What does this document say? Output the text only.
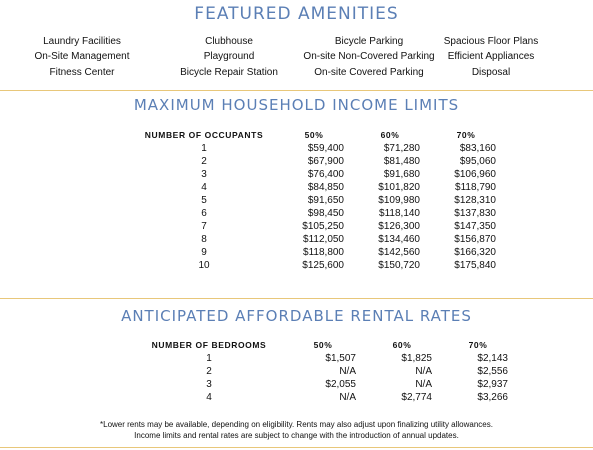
FEATURED AMENITIES
Laundry Facilities
On-Site Management
Fitness Center
Clubhouse
Playground
Bicycle Repair Station
Bicycle Parking
On-site Non-Covered Parking
On-site Covered Parking
Spacious Floor Plans
Efficient Appliances
Disposal
MAXIMUM HOUSEHOLD INCOME LIMITS
NUMBER OF OCCUPANTS	50%	60%	70%
1	$59,400	$71,280	$83,160
2	$67,900	$81,480	$95,060
3	$76,400	$91,680	$106,960
4	$84,850	$101,820	$118,790
5	$91,650	$109,980	$128,310
6	$98,450	$118,140	$137,830
7	$105,250	$126,300	$147,350
8	$112,050	$134,460	$156,870
9	$118,800	$142,560	$166,320
10	$125,600	$150,720	$175,840
ANTICIPATED AFFORDABLE RENTAL RATES
NUMBER OF BEDROOMS	50%	60%	70%
1	$1,507	$1,825	$2,143
2	N/A	N/A	$2,556
3	$2,055	N/A	$2,937
4	N/A	$2,774	$3,266

*Lower rents may be available, depending on eligibility. Rents may also adjust upon finalizing utility allowances.

Income limits and rental rates are subject to change with the introduction of annual updates.
